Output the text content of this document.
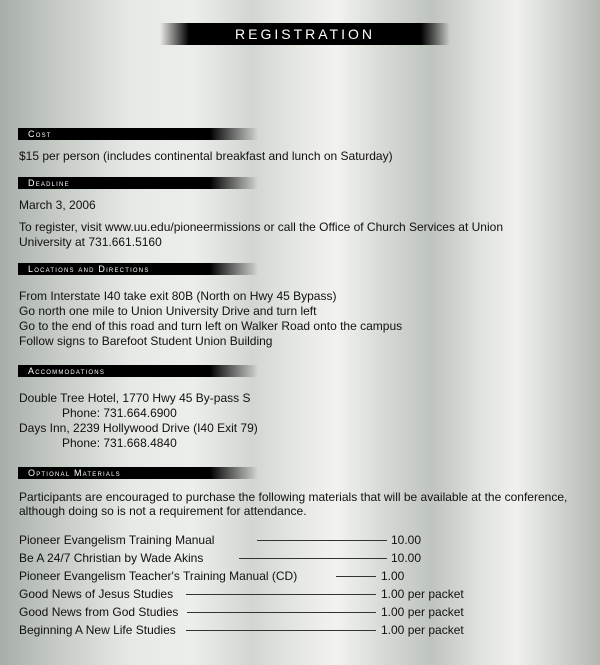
REGISTRATION
Cost
$15 per person (includes continental breakfast and lunch on Saturday)
Deadline
March 3, 2006
To register, visit www.uu.edu/pioneermissions or call the Office of Church Services at Union
University at 731.661.5160
Locations and Directions
From Interstate I40 take exit 80B (North on Hwy 45 Bypass)
Go north one mile to Union University Drive and turn left
Go to the end of this road and turn left on Walker Road onto the campus
Follow signs to Barefoot Student Union Building
Accommodations
Double Tree Hotel, 1770 Hwy 45 By-pass S
Phone: 731.664.6900
Days Inn, 2239 Hollywood Drive (I40 Exit 79)
Phone: 731.668.4840
Optional Materials
Participants are encouraged to purchase the following materials that will be available at the conference,
although doing so is not a requirement for attendance.
Pioneer Evangelism Training Manual	10.00
Be A 24/7 Christian by Wade Akins	10.00
Pioneer Evangelism Teacher's Training Manual (CD)	1.00
Good News of Jesus Studies	1.00 per packet
Good News from God Studies	1.00 per packet
Beginning A New Life Studies	1.00 per packet
